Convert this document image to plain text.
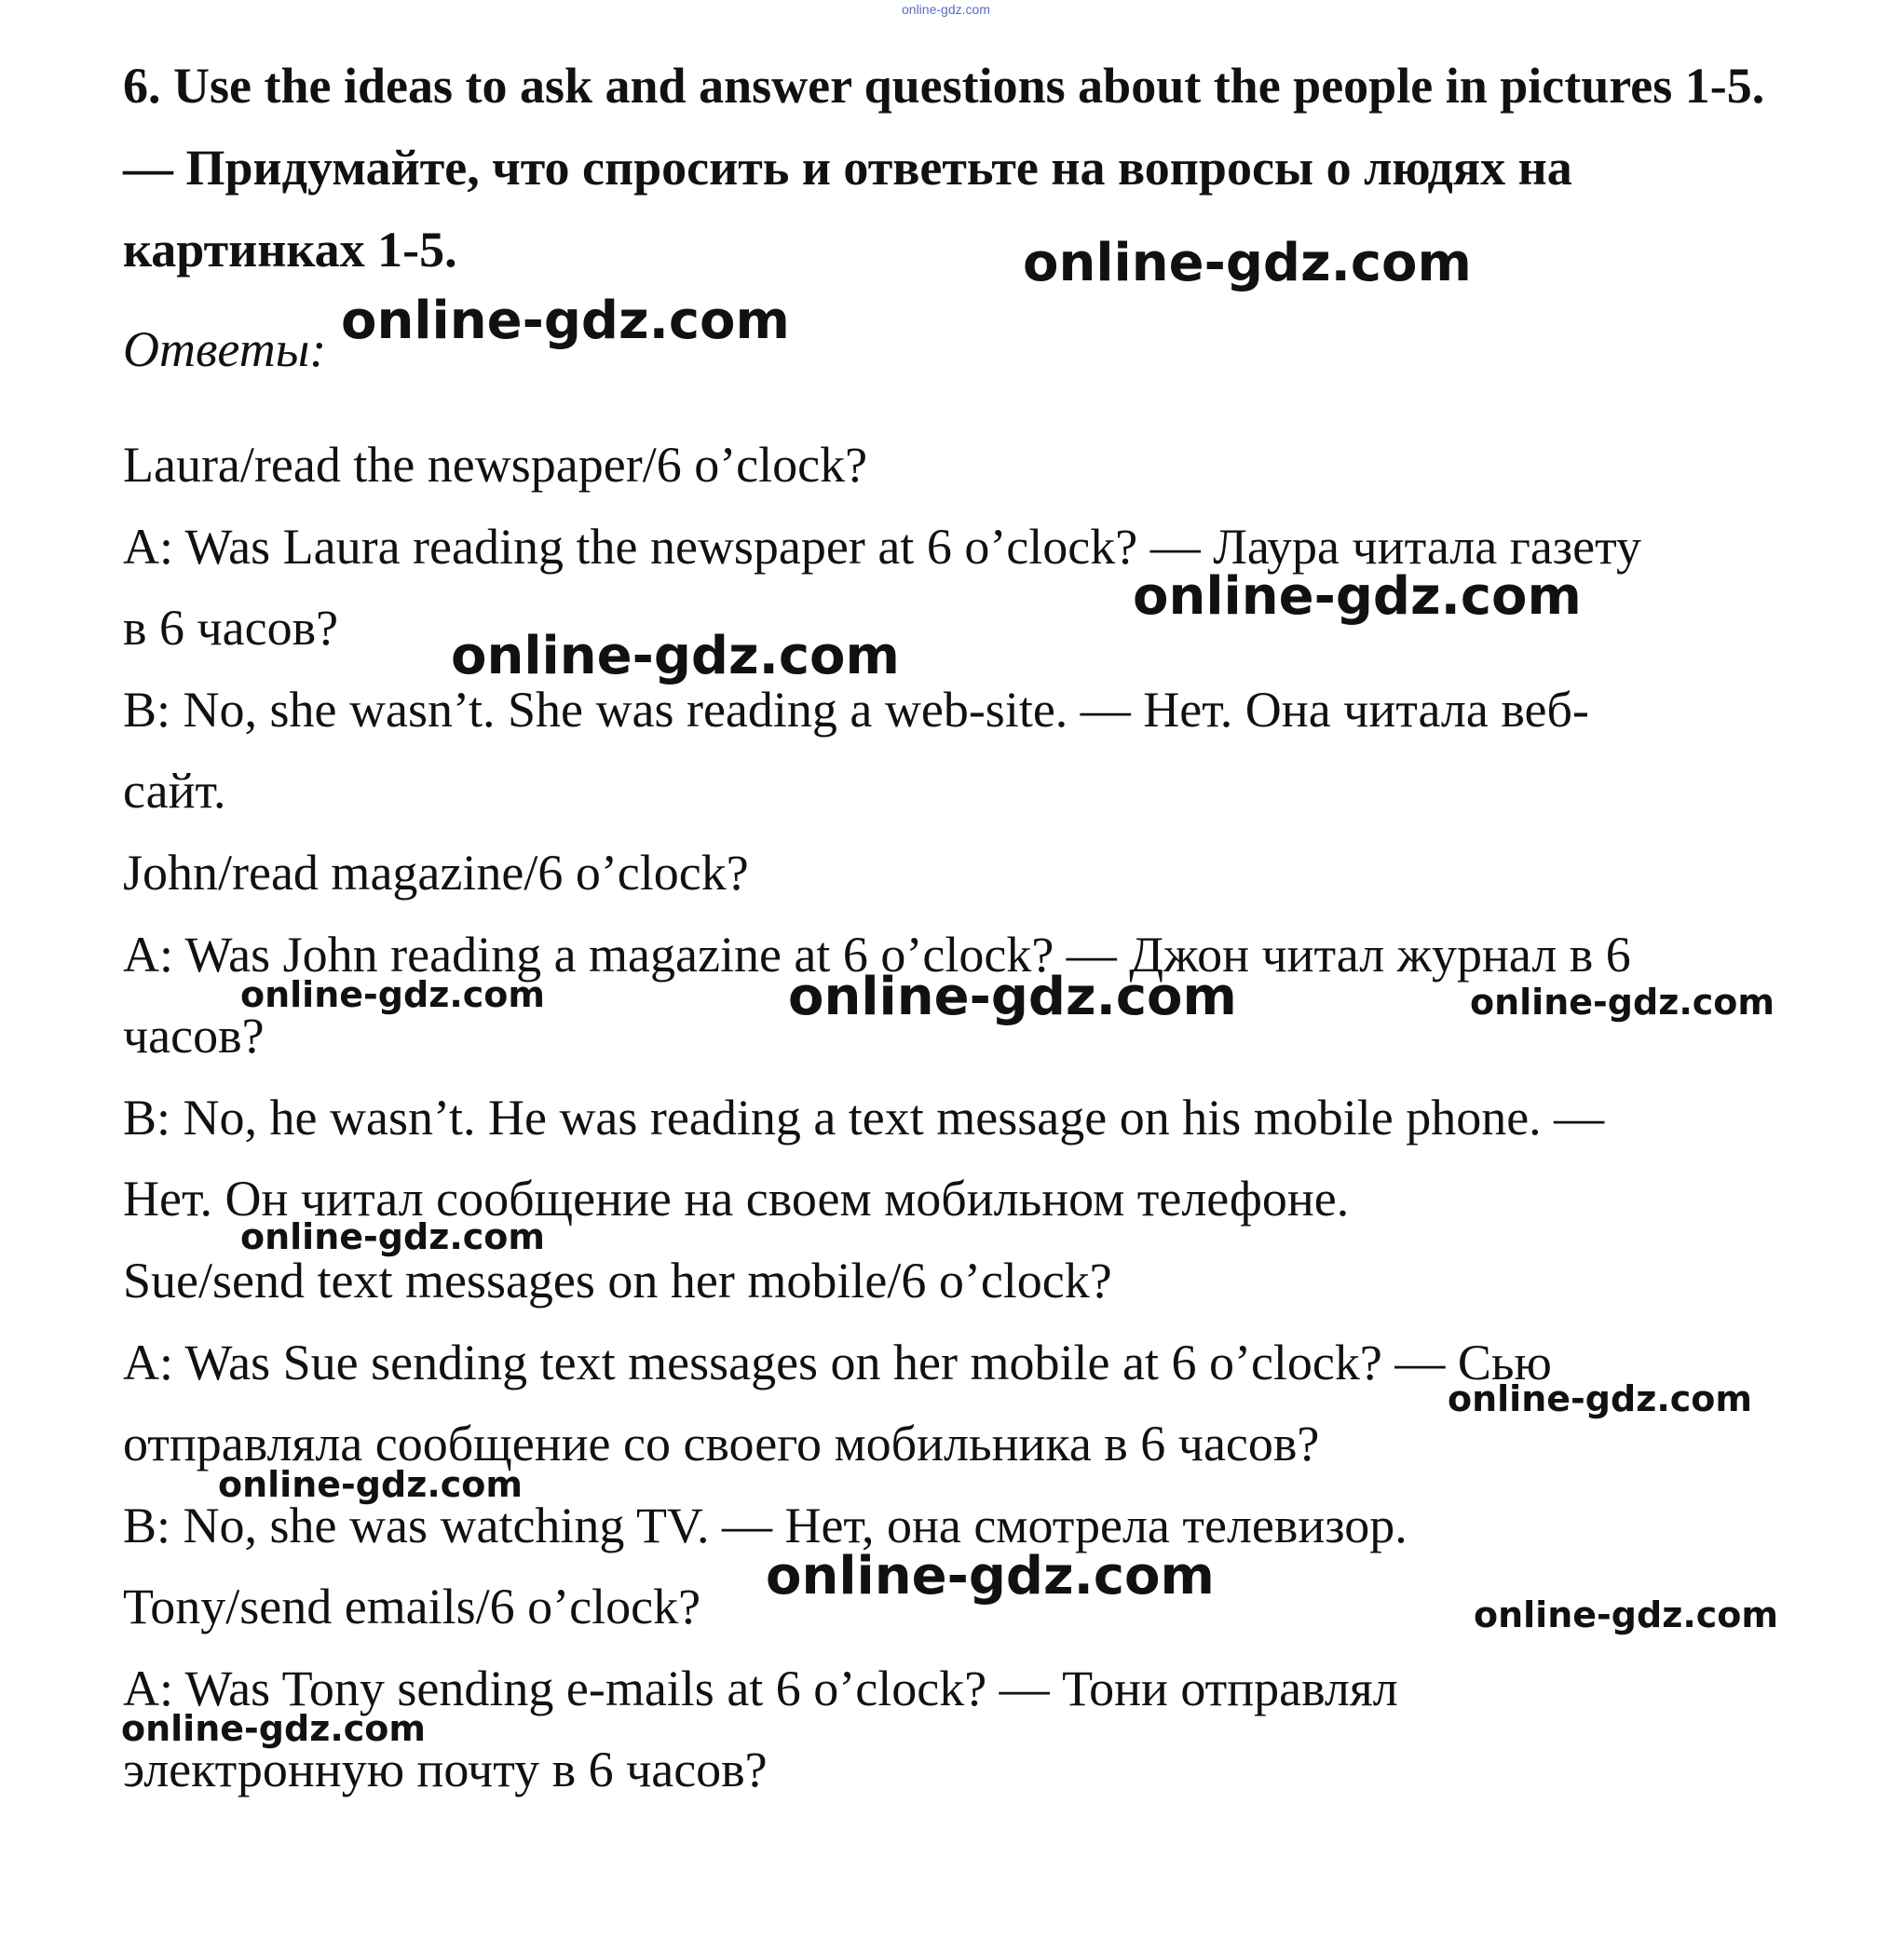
online-gdz.com

6. Use the ideas to ask and answer questions about the people in pictures 1-5. — Придумайте, что спросить и ответьте на вопросы о людях на картинках 1-5.

Ответы:

Laura/read the newspaper/6 o’clock?

A: Was Laura reading the newspaper at 6 o’clock? — Лаура читала газету

в 6 часов?

B: No, she wasn’t. She was reading a web-site. — Нет. Она читала веб-

сайт.

John/read magazine/6 o’clock?

A: Was John reading a magazine at 6 o’clock? — Джон читал журнал в 6

часов?

B: No, he wasn’t. He was reading a text message on his mobile phone. —

Нет. Он читал сообщение на своем мобильном телефоне.

Sue/send text messages on her mobile/6 o’clock?

A: Was Sue sending text messages on her mobile at 6 o’clock? — Сью

отправляла сообщение со своего мобильника в 6 часов?

B: No, she was watching TV. — Нет, она смотрела телевизор.

Tony/send emails/6 o’clock?

A: Was Tony sending e-mails at 6 o’clock? — Тони отправлял

электронную почту в 6 часов?

online-gdz.com
online-gdz.com
online-gdz.com
online-gdz.com
online-gdz.com	online-gdz.com	online-gdz.com
online-gdz.com
online-gdz.com
online-gdz.com
online-gdz.com
online-gdz.com
online-gdz.com
